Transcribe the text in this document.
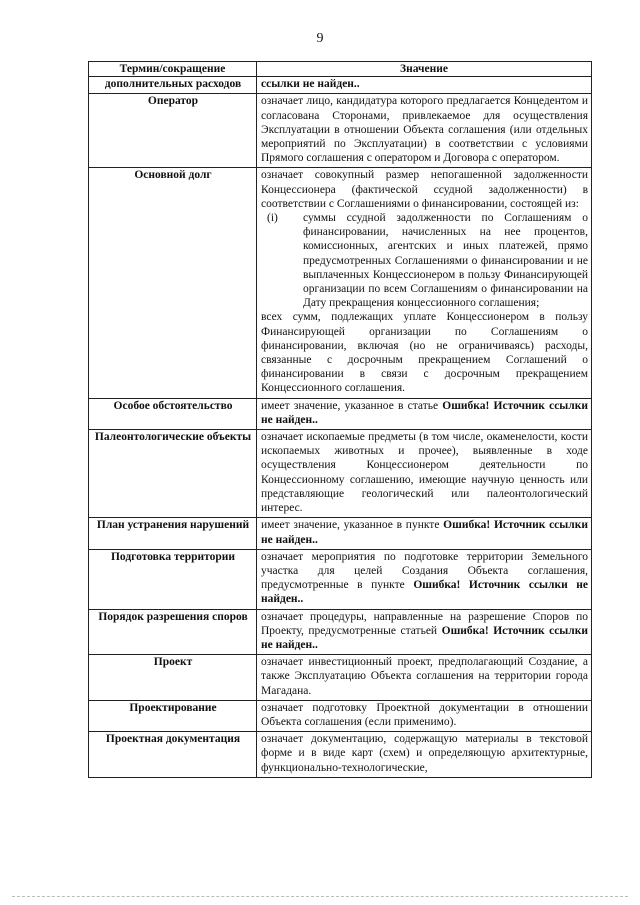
9
Термин/сокращение	Значение
дополнительных расходов	ссылки не найден..
Оператор	означает лицо, кандидатура которого предлагается Концедентом и согласована Сторонами, привлекаемое для осуществления Эксплуатации в отношении Объекта соглашения (или отдельных мероприятий по Эксплуатации) в соответствии с условиями Прямого соглашения с оператором и Договора с оператором.
Основной долг	означает совокупный размер непогашенной задолженности Концессионера (фактической ссудной задолженности) в соответствии с Соглашениями о финансировании, состоящей из:
(i) суммы ссудной задолженности по Соглашениям о финансировании, начисленных на нее процентов, комиссионных, агентских и иных платежей, прямо предусмотренных Соглашениями о финансировании и не выплаченных Концессионером в пользу Финансирующей организации по всем Соглашениям о финансировании на Дату прекращения концессионного соглашения;
всех сумм, подлежащих уплате Концессионером в пользу Финансирующей организации по Соглашениям о финансировании, включая (но не ограничиваясь) расходы, связанные с досрочным прекращением Соглашений о финансировании в связи с досрочным прекращением Концессионного соглашения.

Особое обстоятельство	имеет значение, указанное в статье Ошибка! Источник ссылки не найден..
Палеонтологические объекты	означает ископаемые предметы (в том числе, окаменелости, кости ископаемых животных и прочее), выявленные в ходе осуществления Концессионером деятельности по Концессионному соглашению, имеющие научную ценность или представляющие геологический или палеонтологический интерес.
План устранения нарушений	имеет значение, указанное в пункте Ошибка! Источник ссылки не найден..
Подготовка территории	означает мероприятия по подготовке территории Земельного участка для целей Создания Объекта соглашения, предусмотренные в пункте Ошибка! Источник ссылки не найден..
Порядок разрешения споров	означает процедуры, направленные на разрешение Споров по Проекту, предусмотренные статьей Ошибка! Источник ссылки не найден..
Проект	означает инвестиционный проект, предполагающий Создание, а также Эксплуатацию Объекта соглашения на территории города Магадана.
Проектирование	означает подготовку Проектной документации в отношении Объекта соглашения (если применимо).
Проектная документация	означает документацию, содержащую материалы в текстовой форме и в виде карт (схем) и определяющую архитектурные, функционально-технологические,
